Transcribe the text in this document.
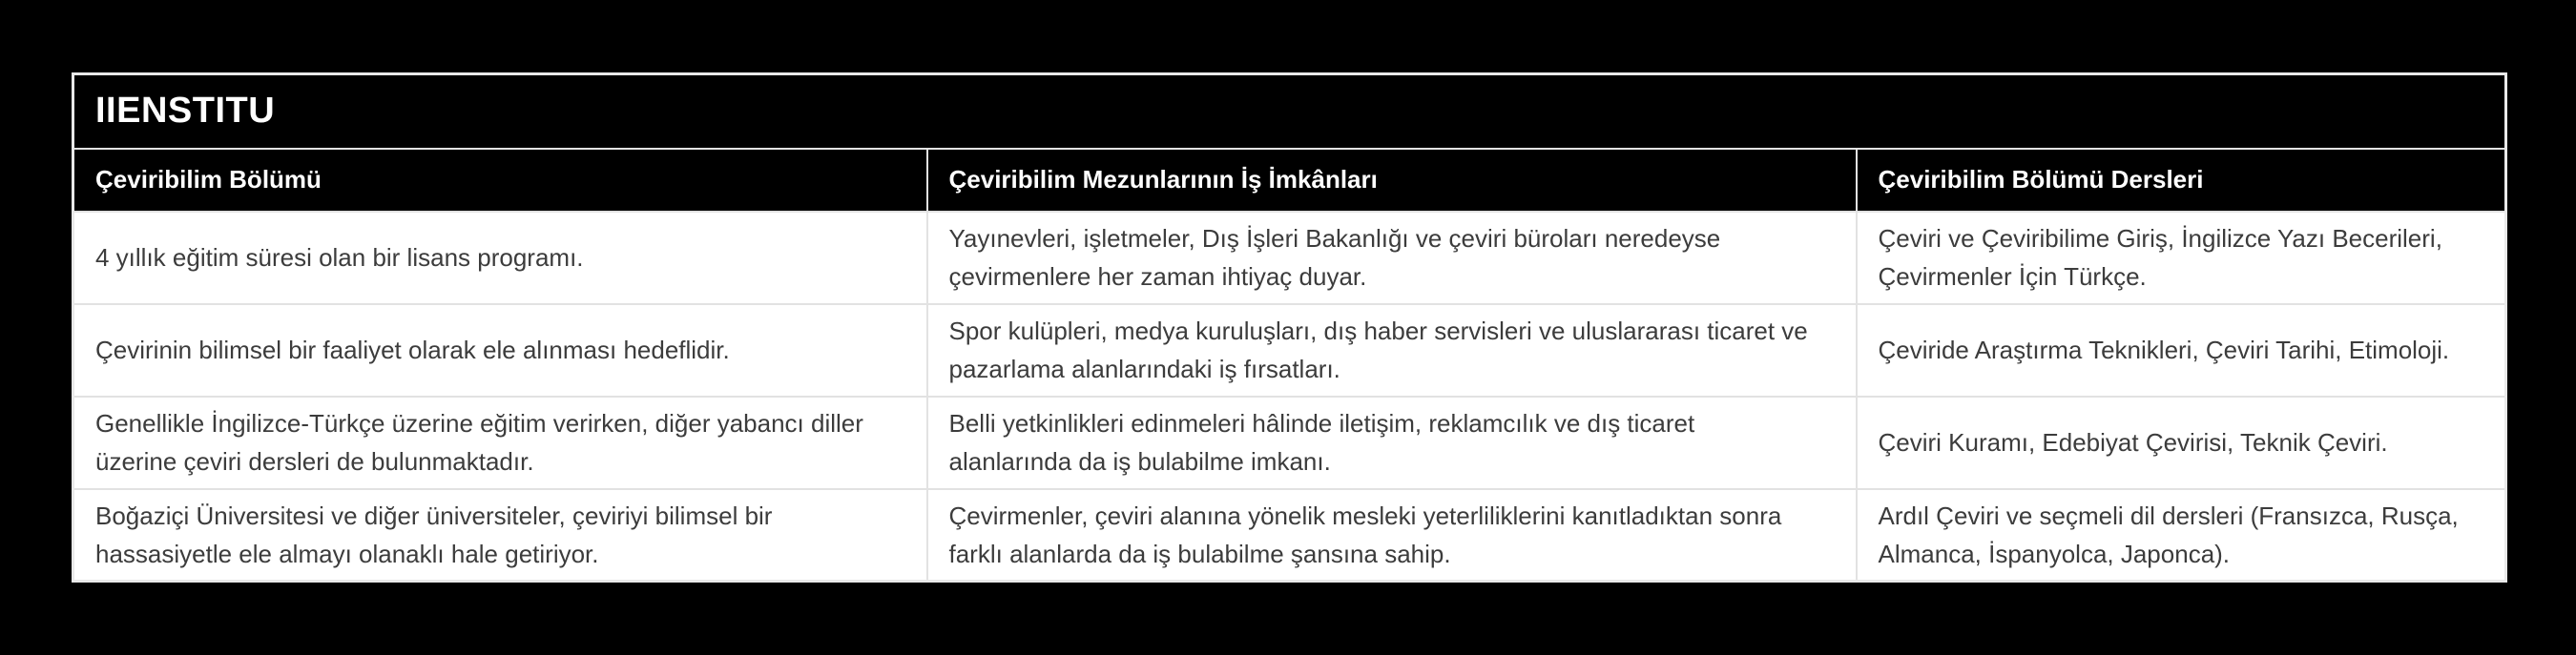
IIENSTITU		
Çeviribilim Bölümü	Çeviribilim Mezunlarının İş İmkânları	Çeviribilim Bölümü Dersleri
4 yıllık eğitim süresi olan bir lisans programı.	Yayınevleri, işletmeler, Dış İşleri Bakanlığı ve çeviri büroları neredeyse çevirmenlere her zaman ihtiyaç duyar.	Çeviri ve Çeviribilime Giriş, İngilizce Yazı Becerileri, Çevirmenler İçin Türkçe.
Çevirinin bilimsel bir faaliyet olarak ele alınması hedeflidir.	Spor kulüpleri, medya kuruluşları, dış haber servisleri ve uluslararası ticaret ve pazarlama alanlarındaki iş fırsatları.	Çeviride Araştırma Teknikleri, Çeviri Tarihi, Etimoloji.
Genellikle İngilizce-Türkçe üzerine eğitim verirken, diğer yabancı diller üzerine çeviri dersleri de bulunmaktadır.	Belli yetkinlikleri edinmeleri hâlinde iletişim, reklamcılık ve dış ticaret alanlarında da iş bulabilme imkanı.	Çeviri Kuramı, Edebiyat Çevirisi, Teknik Çeviri.
Boğaziçi Üniversitesi ve diğer üniversiteler, çeviriyi bilimsel bir hassasiyetle ele almayı olanaklı hale getiriyor.	Çevirmenler, çeviri alanına yönelik mesleki yeterliliklerini kanıtladıktan sonra farklı alanlarda da iş bulabilme şansına sahip.	Ardıl Çeviri ve seçmeli dil dersleri (Fransızca, Rusça, Almanca, İspanyolca, Japonca).
